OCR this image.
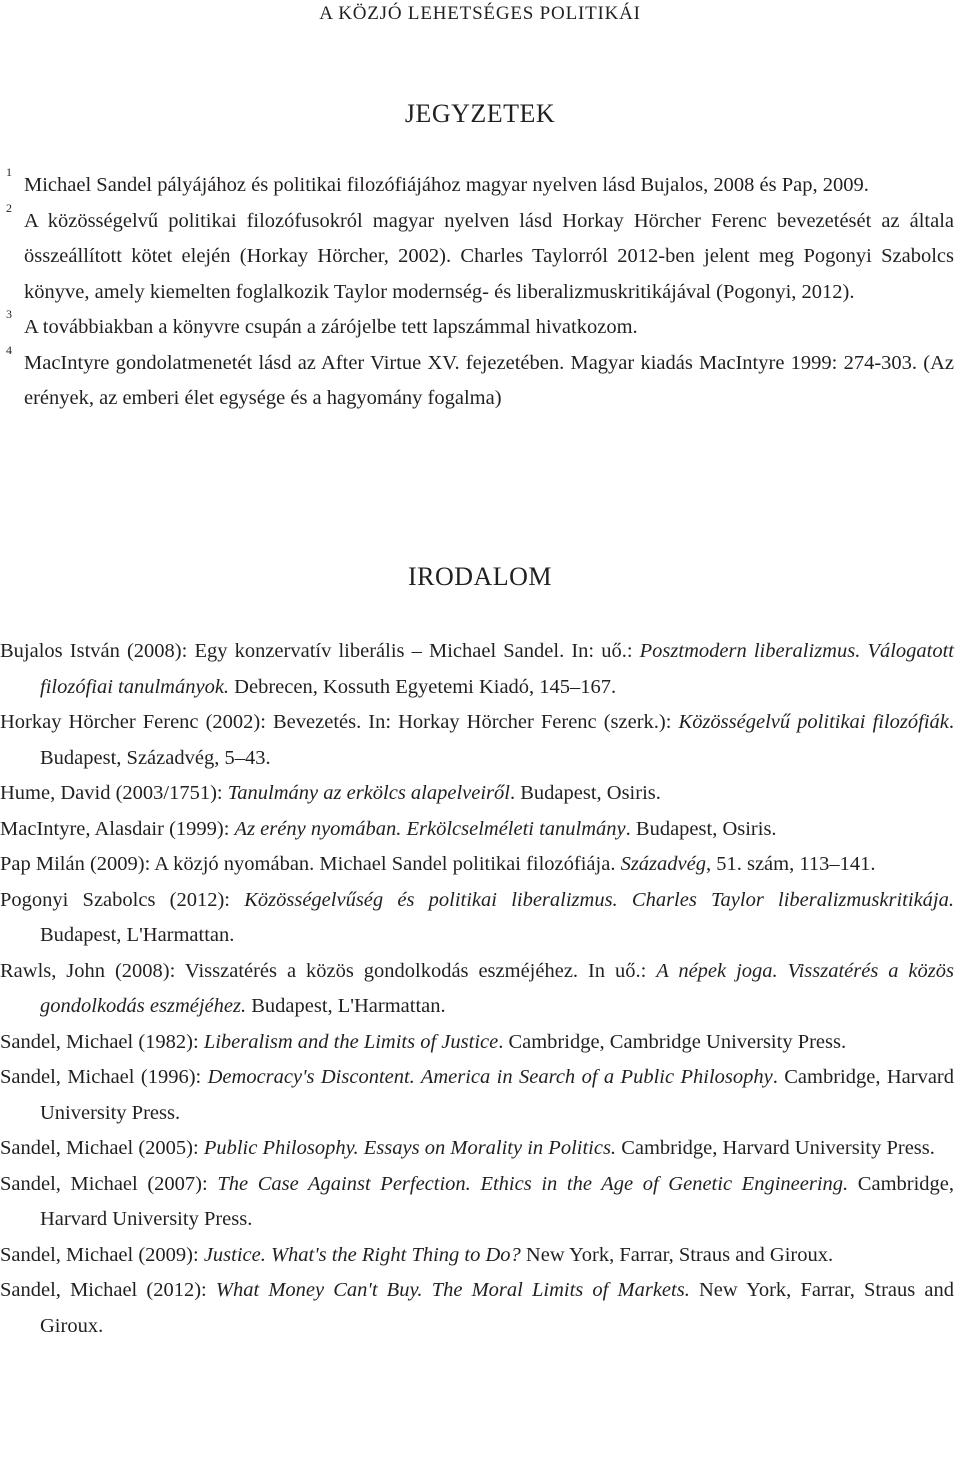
A KÖZJÓ LEHETSÉGES POLITIKÁI
JEGYZETEK
1
Michael Sandel pályájához és politikai filozófiájához magyar nyelven lásd Bujalos, 2008 és Pap, 2009.
2
A közösségelvű politikai filozófusokról magyar nyelven lásd Horkay Hörcher Ferenc bevezetését az általa összeállított kötet elején (Horkay Hörcher, 2002). Charles Taylorról 2012-ben jelent meg Pogonyi Szabolcs könyve, amely kiemelten foglalkozik Taylor modernség- és liberalizmuskritikájával (Pogonyi, 2012).
3
A továbbiakban a könyvre csupán a zárójelbe tett lapszámmal hivatkozom.
4
MacIntyre gondolatmenetét lásd az After Virtue XV. fejezetében. Magyar kiadás MacIntyre 1999: 274-303. (Az erények, az emberi élet egysége és a hagyomány fogalma)
IRODALOM
Bujalos István (2008): Egy konzervatív liberális – Michael Sandel. In: uő.: Posztmodern liberalizmus. Válogatott filozófiai tanulmányok. Debrecen, Kossuth Egyetemi Kiadó, 145–167.
Horkay Hörcher Ferenc (2002): Bevezetés. In: Horkay Hörcher Ferenc (szerk.): Közösségelvű politikai filozófiák. Budapest, Századvég, 5–43.
Hume, David (2003/1751): Tanulmány az erkölcs alapelveiről. Budapest, Osiris.
MacIntyre, Alasdair (1999): Az erény nyomában. Erkölcselméleti tanulmány. Budapest, Osiris.
Pap Milán (2009): A közjó nyomában. Michael Sandel politikai filozófiája. Századvég, 51. szám, 113–141.
Pogonyi Szabolcs (2012): Közösségelvűség és politikai liberalizmus. Charles Taylor liberalizmuskritikája. Budapest, L'Harmattan.
Rawls, John (2008): Visszatérés a közös gondolkodás eszméjéhez. In uő.: A népek joga. Visszatérés a közös gondolkodás eszméjéhez. Budapest, L'Harmattan.
Sandel, Michael (1982): Liberalism and the Limits of Justice. Cambridge, Cambridge University Press.
Sandel, Michael (1996): Democracy's Discontent. America in Search of a Public Philosophy. Cambridge, Harvard University Press.
Sandel, Michael (2005): Public Philosophy. Essays on Morality in Politics. Cambridge, Harvard University Press.
Sandel, Michael (2007): The Case Against Perfection. Ethics in the Age of Genetic Engineering. Cambridge, Harvard University Press.
Sandel, Michael (2009): Justice. What's the Right Thing to Do? New York, Farrar, Straus and Giroux.
Sandel, Michael (2012): What Money Can't Buy. The Moral Limits of Markets. New York, Farrar, Straus and Giroux.
